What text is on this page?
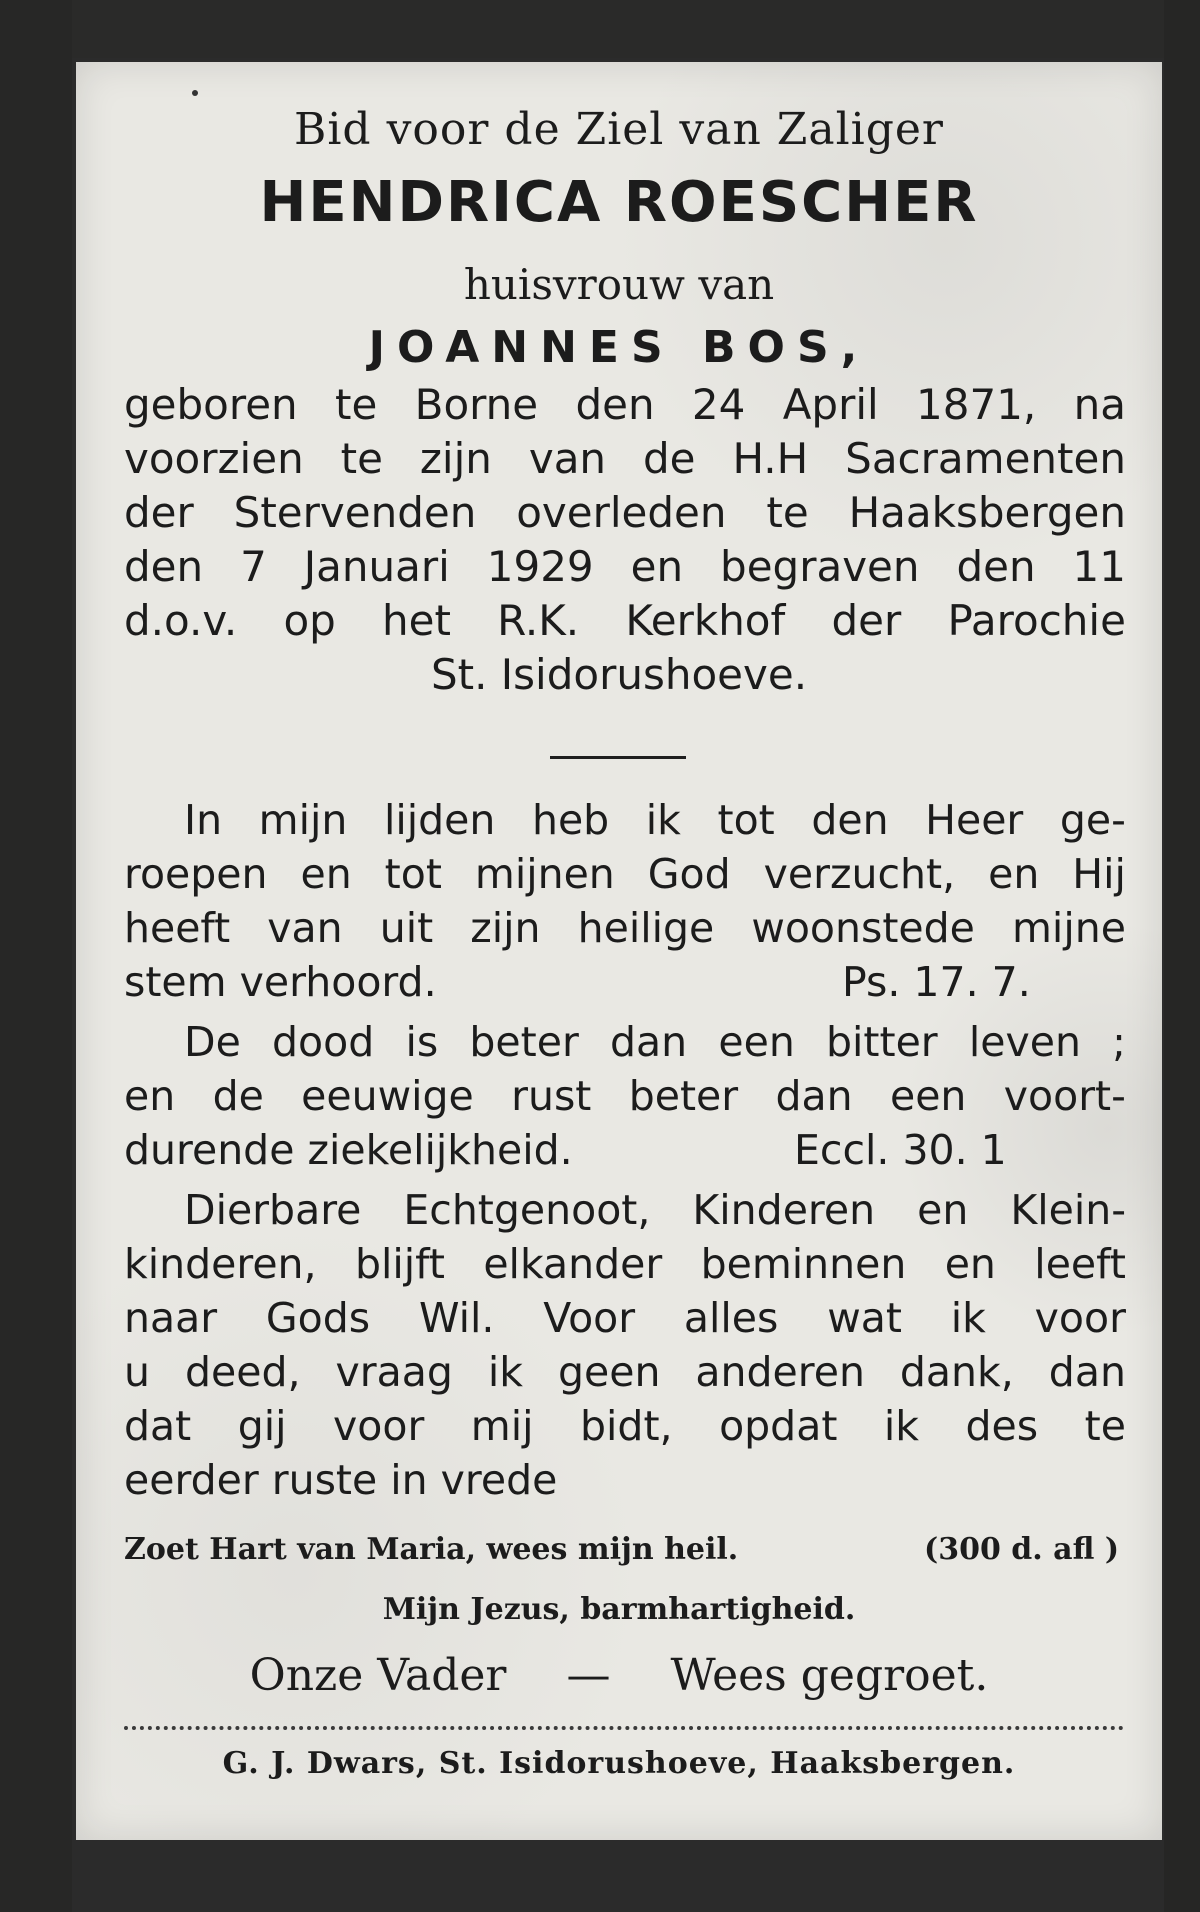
Bid voor de Ziel van Zaliger
HENDRICA ROESCHER
huisvrouw van
JOANNES BOS,
geboren te Borne den 24 April 1871, na
voorzien te zijn van de H.H Sacramenten
der Stervenden overleden te Haaksbergen
den 7 Januari 1929 en begraven den 11
d.o.v. op het R.K. Kerkhof der Parochie
St. Isidorushoeve.
In mijn lijden heb ik tot den Heer ge-
roepen en tot mijnen God verzucht, en Hij
heeft van uit zijn heilige woonstede mijne
stem verhoord.	Ps. 17. 7.
De dood is beter dan een bitter leven ;
en de eeuwige rust beter dan een voort-
durende ziekelijkheid.	Eccl. 30. 1
Dierbare Echtgenoot, Kinderen en Klein-
kinderen, blijft elkander beminnen en leeft
naar Gods Wil. Voor alles wat ik voor
u deed, vraag ik geen anderen dank, dan
dat gij voor mij bidt, opdat ik des te
eerder ruste in vrede
Zoet Hart van Maria, wees mijn heil.	(300 d. afl )
Mijn Jezus, barmhartigheid.
Onze Vader — Wees gegroet.
G. J. Dwars, St. Isidorushoeve, Haaksbergen.
